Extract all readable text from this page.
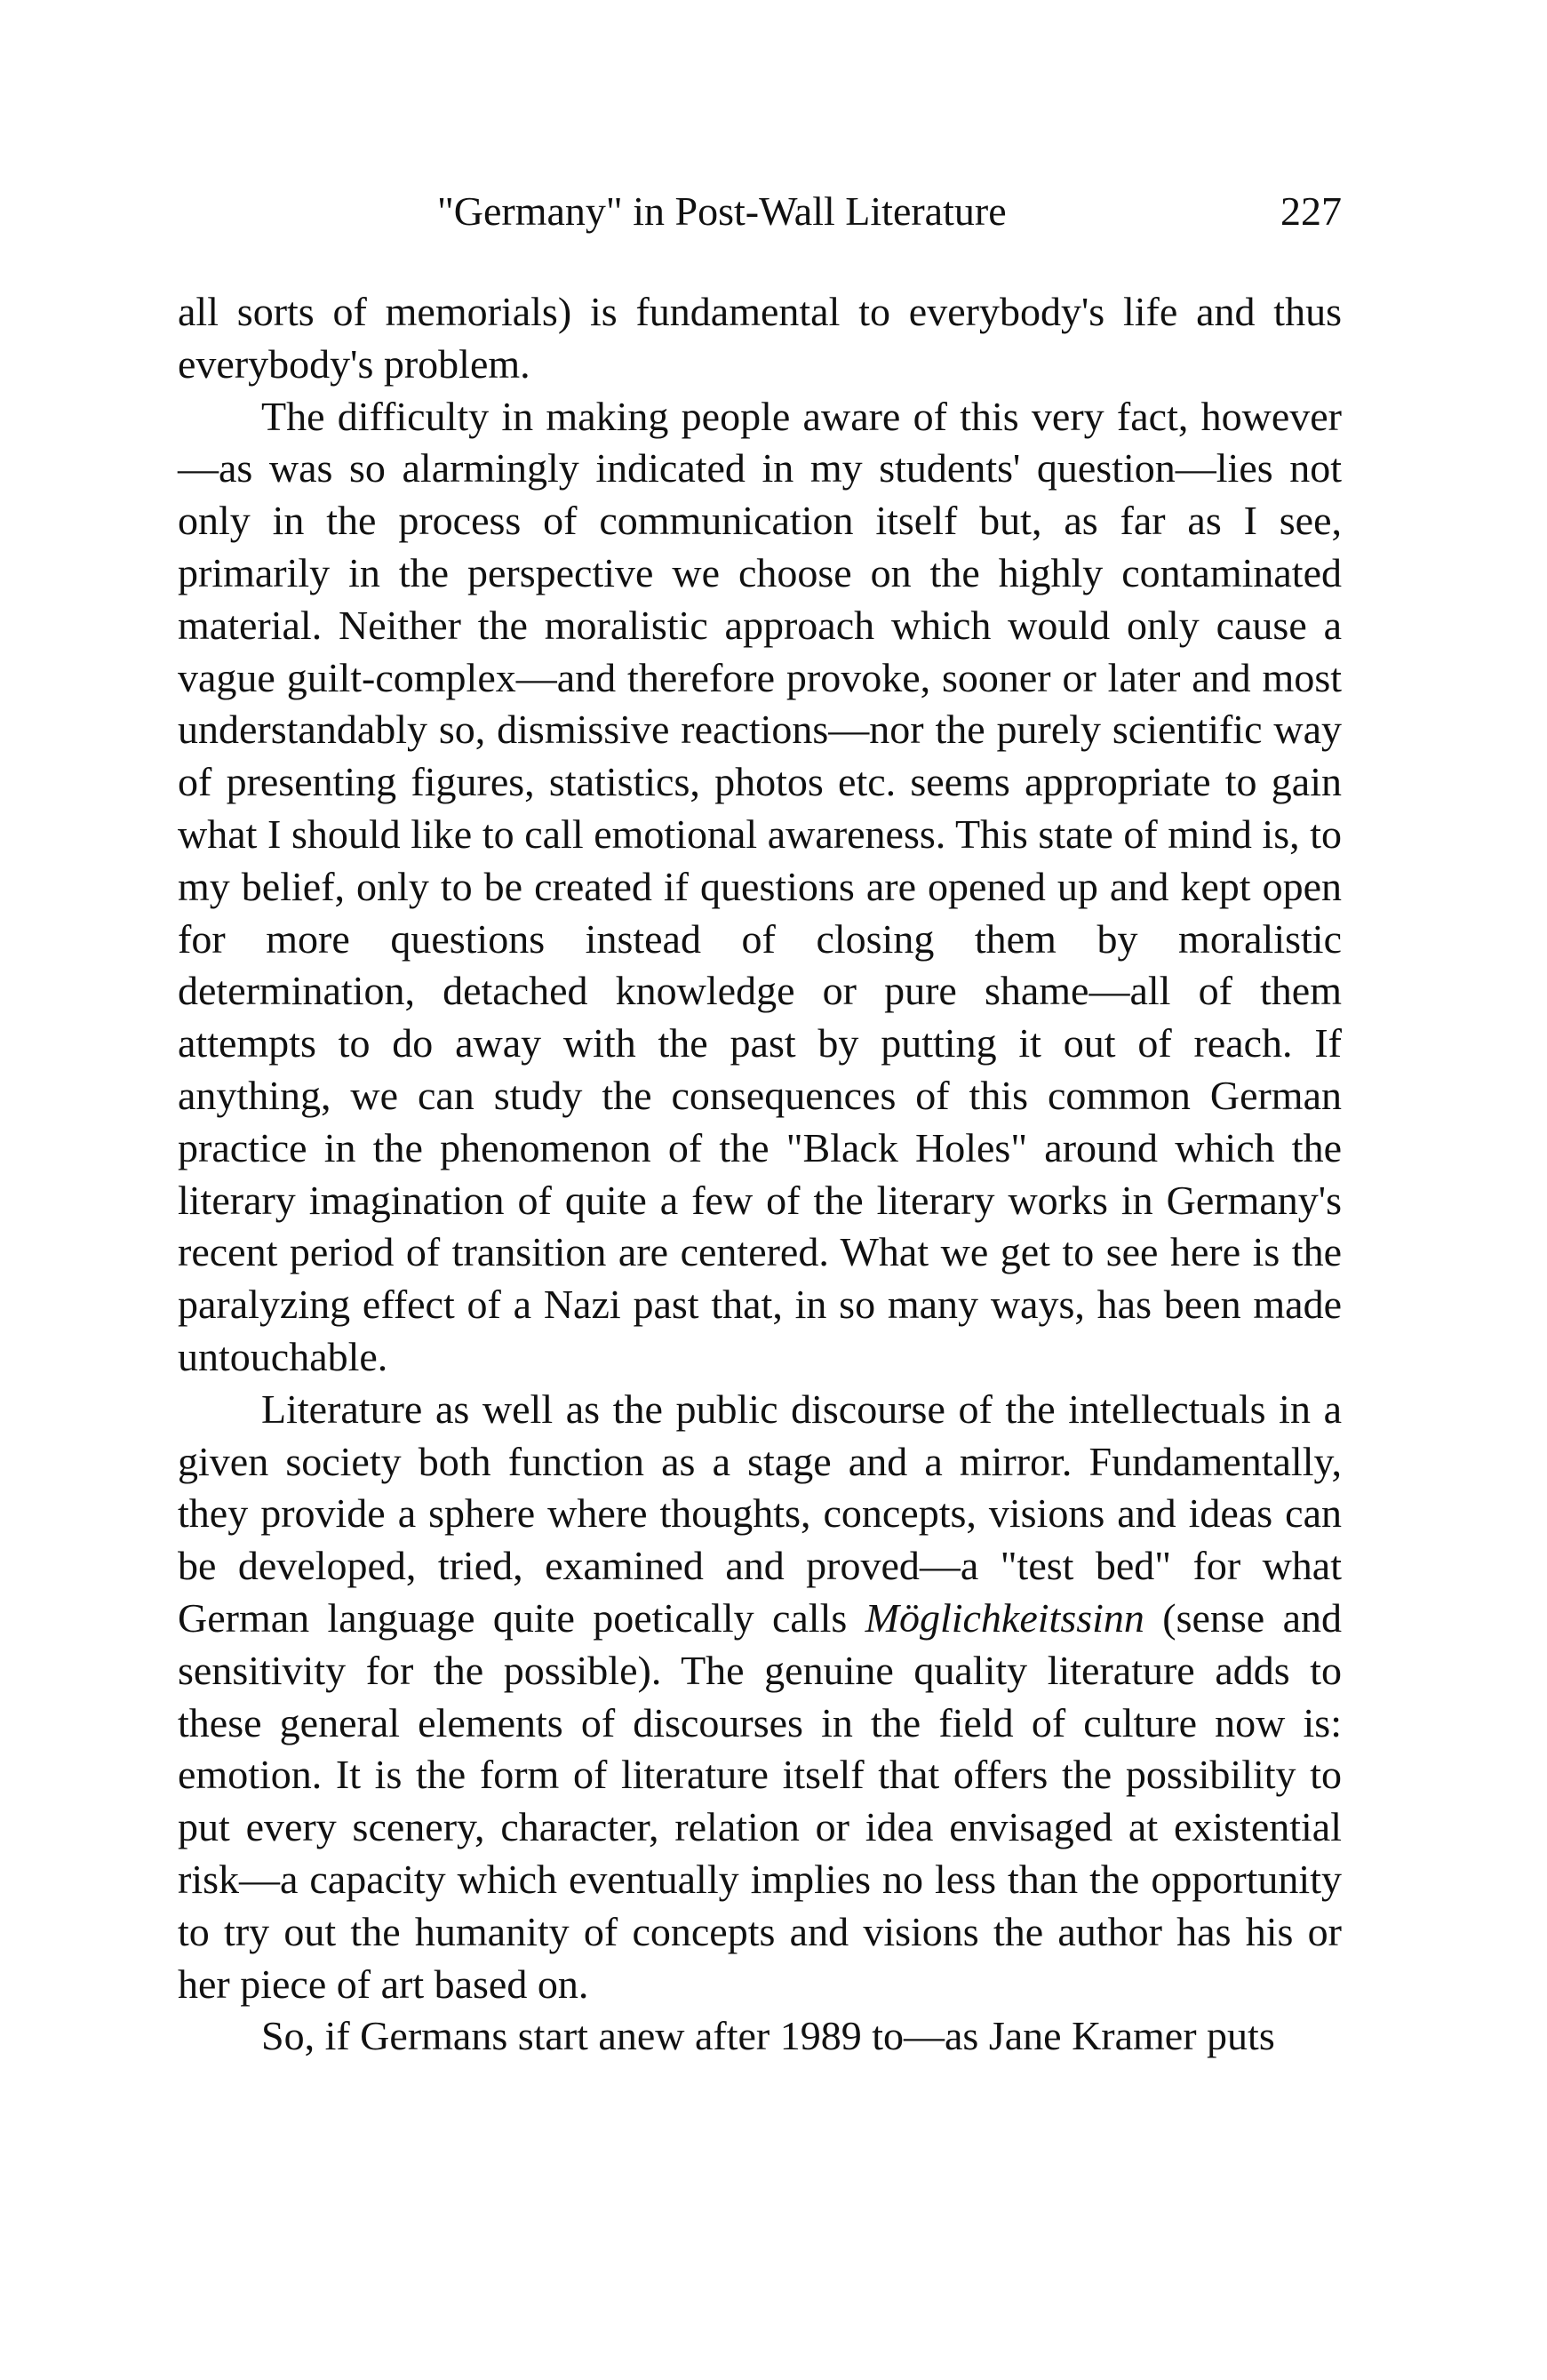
"Germany" in Post-Wall Literature	227

all sorts of memorials) is fundamental to everybody's life and thus everybody's problem.

The difficulty in making people aware of this very fact, however—as was so alarmingly indicated in my students' question—lies not only in the process of communication itself but, as far as I see, primarily in the perspective we choose on the highly contaminated material. Neither the moralistic approach which would only cause a vague guilt-complex—and therefore provoke, sooner or later and most understandably so, dismissive reactions—nor the purely scientific way of presenting figures, statistics, photos etc. seems appropriate to gain what I should like to call emotional awareness. This state of mind is, to my belief, only to be created if questions are opened up and kept open for more questions instead of closing them by moralistic determination, detached knowledge or pure shame—all of them attempts to do away with the past by putting it out of reach. If anything, we can study the consequences of this common German practice in the phenomenon of the "Black Holes" around which the literary imagination of quite a few of the literary works in Germany's recent period of transition are centered. What we get to see here is the paralyzing effect of a Nazi past that, in so many ways, has been made untouchable.

Literature as well as the public discourse of the intellectuals in a given society both function as a stage and a mirror. Fundamentally, they provide a sphere where thoughts, concepts, visions and ideas can be developed, tried, examined and proved—a "test bed" for what German language quite poetically calls Möglichkeitssinn (sense and sensitivity for the possible). The genuine quality literature adds to these general elements of discourses in the field of culture now is: emotion. It is the form of literature itself that offers the possibility to put every scenery, character, relation or idea envisaged at existential risk—a capacity which eventually implies no less than the opportunity to try out the humanity of concepts and visions the author has his or her piece of art based on.

So, if Germans start anew after 1989 to—as Jane Kramer puts
